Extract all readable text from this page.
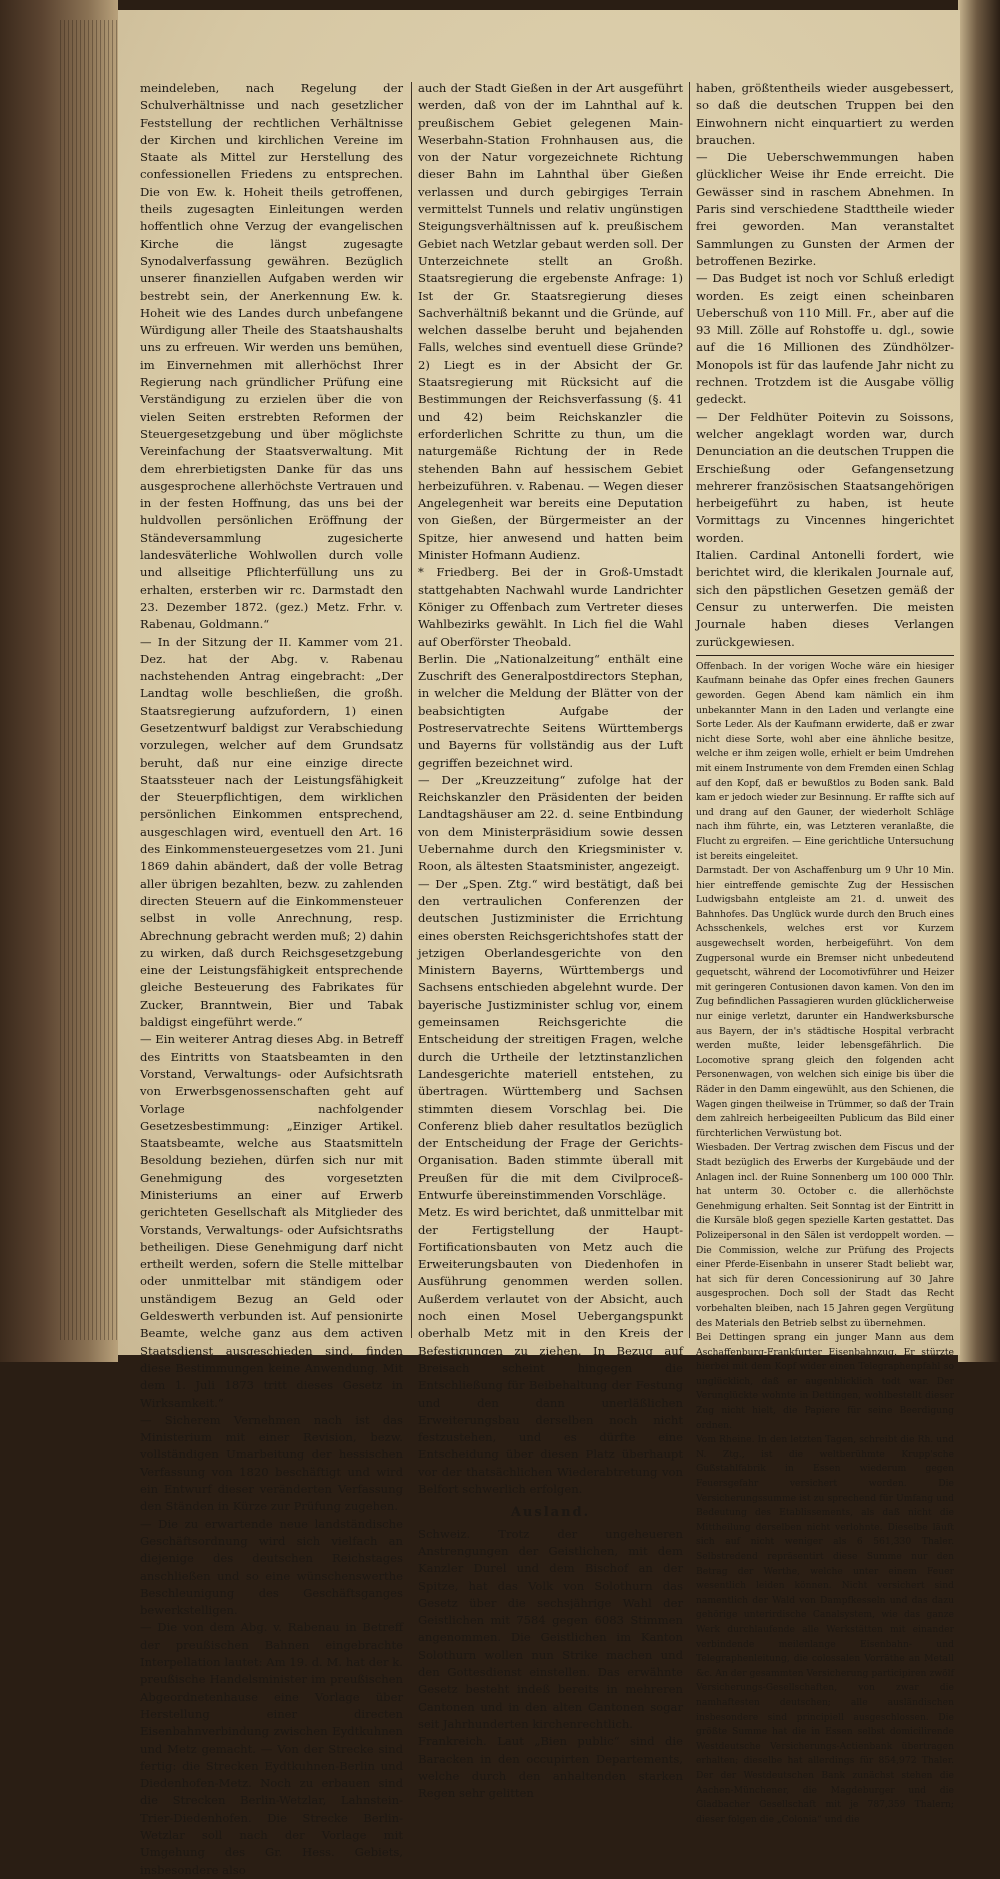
meindeleben, nach Regelung der Schulverhältnisse und nach gesetzlicher Feststellung der rechtlichen Verhältnisse der Kirchen und kirchlichen Vereine im Staate als Mittel zur Herstellung des confessionellen Friedens zu entsprechen. Die von Ew. k. Hoheit theils getroffenen, theils zugesagten Einleitungen werden hoffentlich ohne Verzug der evangelischen Kirche die längst zugesagte Synodalverfassung gewähren. Bezüglich unserer finanziellen Aufgaben werden wir bestrebt sein, der Anerkennung Ew. k. Hoheit wie des Landes durch unbefangene Würdigung aller Theile des Staatshaushalts uns zu erfreuen. Wir werden uns bemühen, im Einvernehmen mit allerhöchst Ihrer Regierung nach gründlicher Prüfung eine Verständigung zu erzielen über die von vielen Seiten erstrebten Reformen der Steuergesetzgebung und über möglichste Vereinfachung der Staatsverwaltung. Mit dem ehrerbietigsten Danke für das uns ausgesprochene allerhöchste Vertrauen und in der festen Hoffnung, das uns bei der huldvollen persönlichen Eröffnung der Ständeversammlung zugesicherte landesväterliche Wohlwollen durch volle und allseitige Pflichterfüllung uns zu erhalten, ersterben wir rc. Darmstadt den 23. Dezember 1872. (gez.) Metz. Frhr. v. Rabenau, Goldmann.“

— In der Sitzung der II. Kammer vom 21. Dez. hat der Abg. v. Rabenau nachstehenden Antrag eingebracht: „Der Landtag wolle beschließen, die großh. Staatsregierung aufzufordern, 1) einen Gesetzentwurf baldigst zur Verabschiedung vorzulegen, welcher auf dem Grundsatz beruht, daß nur eine einzige directe Staatssteuer nach der Leistungsfähigkeit der Steuerpflichtigen, dem wirklichen persönlichen Einkommen entsprechend, ausgeschlagen wird, eventuell den Art. 16 des Einkommensteuergesetzes vom 21. Juni 1869 dahin abändert, daß der volle Betrag aller übrigen bezahlten, bezw. zu zahlenden directen Steuern auf die Einkommensteuer selbst in volle Anrechnung, resp. Abrechnung gebracht werden muß; 2) dahin zu wirken, daß durch Reichsgesetzgebung eine der Leistungsfähigkeit entsprechende gleiche Besteuerung des Fabrikates für Zucker, Branntwein, Bier und Tabak baldigst eingeführt werde.“

— Ein weiterer Antrag dieses Abg. in Betreff des Eintritts von Staatsbeamten in den Vorstand, Verwaltungs- oder Aufsichtsrath von Erwerbsgenossenschaften geht auf Vorlage nachfolgender Gesetzesbestimmung: „Einziger Artikel. Staatsbeamte, welche aus Staatsmitteln Besoldung beziehen, dürfen sich nur mit Genehmigung des vorgesetzten Ministeriums an einer auf Erwerb gerichteten Gesellschaft als Mitglieder des Vorstands, Verwaltungs- oder Aufsichtsraths betheiligen. Diese Genehmigung darf nicht ertheilt werden, sofern die Stelle mittelbar oder unmittelbar mit ständigem oder unständigem Bezug an Geld oder Geldeswerth verbunden ist. Auf pensionirte Beamte, welche ganz aus dem activen Staatsdienst ausgeschieden sind, finden diese Bestimmungen keine Anwendung. Mit dem 1. Juli 1873 tritt dieses Gesetz in Wirksamkeit.“

— Sicherem Vernehmen nach ist das Ministerium mit einer Revision, bezw. vollständigen Umarbeitung der hessischen Verfassung von 1820 beschäftigt und wird ein Entwurf dieser veränderten Verfassung den Ständen in Kürze zur Prüfung zugehen.

— Die zu erwartende neue landständische Geschäftsordnung wird sich vielfach an diejenige des deutschen Reichstages anschließen und so eine wünschenswerthe Beschleunigung des Geschäftsganges bewerkstelligen.

— Die von dem Abg. v. Rabenau in Betreff der preußischen Bahnen eingebrachte Interpellation lautet: Am 19. d. M. hat der k. preußische Handelsminister im preußischen Abgeordnetenhause eine Vorlage über Herstellung einer directen Eisenbahnverbindung zwischen Eydtkuhnen und Metz gemacht. — Von der Strecke sind fertig: die Strecken Eydtkuhnen-Berlin und Diedenhofen-Metz. Noch zu erbauen sind die Strecken Berlin-Wetzlar, Lahnstein-Trier-Diedenhofen. Die Strecke Berlin-Wetzlar soll nach der Vorlage mit Umgehung des Gr. Hess. Gebiets, insbesondere also

auch der Stadt Gießen in der Art ausgeführt werden, daß von der im Lahnthal auf k. preußischem Gebiet gelegenen Main-Weserbahn-Station Frohnhausen aus, die von der Natur vorgezeichnete Richtung dieser Bahn im Lahnthal über Gießen verlassen und durch gebirgiges Terrain vermittelst Tunnels und relativ ungünstigen Steigungsverhältnissen auf k. preußischem Gebiet nach Wetzlar gebaut werden soll. Der Unterzeichnete stellt an Großh. Staatsregierung die ergebenste Anfrage: 1) Ist der Gr. Staatsregierung dieses Sachverhältniß bekannt und die Gründe, auf welchen dasselbe beruht und bejahenden Falls, welches sind eventuell diese Gründe? 2) Liegt es in der Absicht der Gr. Staatsregierung mit Rücksicht auf die Bestimmungen der Reichsverfassung (§. 41 und 42) beim Reichskanzler die erforderlichen Schritte zu thun, um die naturgemäße Richtung der in Rede stehenden Bahn auf hessischem Gebiet herbeizuführen. v. Rabenau. — Wegen dieser Angelegenheit war bereits eine Deputation von Gießen, der Bürgermeister an der Spitze, hier anwesend und hatten beim Minister Hofmann Audienz.

* Friedberg. Bei der in Groß-Umstadt stattgehabten Nachwahl wurde Landrichter Königer zu Offenbach zum Vertreter dieses Wahlbezirks gewählt. In Lich fiel die Wahl auf Oberförster Theobald.

Berlin. Die „Nationalzeitung“ enthält eine Zuschrift des Generalpostdirectors Stephan, in welcher die Meldung der Blätter von der beabsichtigten Aufgabe der Postreservatrechte Seitens Württembergs und Bayerns für vollständig aus der Luft gegriffen bezeichnet wird.

— Der „Kreuzzeitung“ zufolge hat der Reichskanzler den Präsidenten der beiden Landtagshäuser am 22. d. seine Entbindung von dem Ministerpräsidium sowie dessen Uebernahme durch den Kriegsminister v. Roon, als ältesten Staatsminister, angezeigt.

— Der „Spen. Ztg.“ wird bestätigt, daß bei den vertraulichen Conferenzen der deutschen Justizminister die Errichtung eines obersten Reichsgerichtshofes statt der jetzigen Oberlandesgerichte von den Ministern Bayerns, Württembergs und Sachsens entschieden abgelehnt wurde. Der bayerische Justizminister schlug vor, einem gemeinsamen Reichsgerichte die Entscheidung der streitigen Fragen, welche durch die Urtheile der letztinstanzlichen Landesgerichte materiell entstehen, zu übertragen. Württemberg und Sachsen stimmten diesem Vorschlag bei. Die Conferenz blieb daher resultatlos bezüglich der Entscheidung der Frage der Gerichts-Organisation. Baden stimmte überall mit Preußen für die mit dem Civilproceß-Entwurfe übereinstimmenden Vorschläge.

Metz. Es wird berichtet, daß unmittelbar mit der Fertigstellung der Haupt-Fortificationsbauten von Metz auch die Erweiterungsbauten von Diedenhofen in Ausführung genommen werden sollen. Außerdem verlautet von der Absicht, auch noch einen Mosel Uebergangspunkt oberhalb Metz mit in den Kreis der Befestigungen zu ziehen. In Bezug auf Breisach scheint hingegen die Entschließung für Beibehaltung der Festung und den dann unerläßlichen Erweiterungsbau derselben noch nicht festzustehen, und es dürfte eine Entscheidung über diesen Platz überhaupt vor der thatsächlichen Wiederabtretung von Belfort schwerlich erfolgen.

Ausland.

Schweiz. Trotz der ungeheueren Anstrengungen der Geistlichen, mit dem Kanzler Durel und dem Bischof an der Spitze, hat das Volk von Solothurn das Gesetz über die sechsjährige Wahl der Geistlichen mit 7584 gegen 6083 Stimmen angenommen. Die Geistlichen im Kanton Solothurn wollen nun Strike machen und den Gottesdienst einstellen. Das erwähnte Gesetz besteht indeß bereits in mehreren Cantonen und in den alten Cantonen sogar seit Jahrhunderten kirchenrechtlich.

Frankreich. Laut „Bien public“ sind die Baracken in den occupirten Departements, welche durch den anhaltenden starken Regen sehr gelitten

haben, größtentheils wieder ausgebessert, so daß die deutschen Truppen bei den Einwohnern nicht einquartiert zu werden brauchen.

— Die Ueberschwemmungen haben glücklicher Weise ihr Ende erreicht. Die Gewässer sind in raschem Abnehmen. In Paris sind verschiedene Stadttheile wieder frei geworden. Man veranstaltet Sammlungen zu Gunsten der Armen der betroffenen Bezirke.

— Das Budget ist noch vor Schluß erledigt worden. Es zeigt einen scheinbaren Ueberschuß von 110 Mill. Fr., aber auf die 93 Mill. Zölle auf Rohstoffe u. dgl., sowie auf die 16 Millionen des Zündhölzer-Monopols ist für das laufende Jahr nicht zu rechnen. Trotzdem ist die Ausgabe völlig gedeckt.

— Der Feldhüter Poitevin zu Soissons, welcher angeklagt worden war, durch Denunciation an die deutschen Truppen die Erschießung oder Gefangensetzung mehrerer französischen Staatsangehörigen herbeigeführt zu haben, ist heute Vormittags zu Vincennes hingerichtet worden.

Italien. Cardinal Antonelli fordert, wie berichtet wird, die klerikalen Journale auf, sich den päpstlichen Gesetzen gemäß der Censur zu unterwerfen. Die meisten Journale haben dieses Verlangen zurückgewiesen.

Offenbach. In der vorigen Woche wäre ein hiesiger Kaufmann beinahe das Opfer eines frechen Gauners geworden. Gegen Abend kam nämlich ein ihm unbekannter Mann in den Laden und verlangte eine Sorte Leder. Als der Kaufmann erwiderte, daß er zwar nicht diese Sorte, wohl aber eine ähnliche besitze, welche er ihm zeigen wolle, erhielt er beim Umdrehen mit einem Instrumente von dem Fremden einen Schlag auf den Kopf, daß er bewußtlos zu Boden sank. Bald kam er jedoch wieder zur Besinnung. Er raffte sich auf und drang auf den Gauner, der wiederholt Schläge nach ihm führte, ein, was Letzteren veranlaßte, die Flucht zu ergreifen. — Eine gerichtliche Untersuchung ist bereits eingeleitet.

Darmstadt. Der von Aschaffenburg um 9 Uhr 10 Min. hier eintreffende gemischte Zug der Hessischen Ludwigsbahn entgleiste am 21. d. unweit des Bahnhofes. Das Unglück wurde durch den Bruch eines Achsschenkels, welches erst vor Kurzem ausgewechselt worden, herbeigeführt. Von dem Zugpersonal wurde ein Bremser nicht unbedeutend gequetscht, während der Locomotivführer und Heizer mit geringeren Contusionen davon kamen. Von den im Zug befindlichen Passagieren wurden glücklicherweise nur einige verletzt, darunter ein Handwerksbursche aus Bayern, der in's städtische Hospital verbracht werden mußte, leider lebensgefährlich. Die Locomotive sprang gleich den folgenden acht Personenwagen, von welchen sich einige bis über die Räder in den Damm eingewühlt, aus den Schienen, die Wagen gingen theilweise in Trümmer, so daß der Train dem zahlreich herbeigeeilten Publicum das Bild einer fürchterlichen Verwüstung bot.

Wiesbaden. Der Vertrag zwischen dem Fiscus und der Stadt bezüglich des Erwerbs der Kurgebäude und der Anlagen incl. der Ruine Sonnenberg um 100 000 Thlr. hat unterm 30. October c. die allerhöchste Genehmigung erhalten. Seit Sonntag ist der Eintritt in die Kursäle bloß gegen spezielle Karten gestattet. Das Polizeipersonal in den Sälen ist verdoppelt worden. — Die Commission, welche zur Prüfung des Projects einer Pferde-Eisenbahn in unserer Stadt beliebt war, hat sich für deren Concessionirung auf 30 Jahre ausgesprochen. Doch soll der Stadt das Recht vorbehalten bleiben, nach 15 Jahren gegen Vergütung des Materials den Betrieb selbst zu übernehmen.

Bei Dettingen sprang ein junger Mann aus dem Aschaffenburg-Frankfurter Eisenbahnzug. Er stürzte hierbei mit dem Kopf wider einen Telegraphenpfahl so unglücklich, daß er augenblicklich todt war. Der Verunglückte wohnte in Dettingen, wohlbestellt dieser Zug nicht hielt, die Papiere für seine Beerdigung ordnen.

Vom Rheine. In den letzten Tagen, schreibt die Rh. und N. Ztg., ist die weltberühmte Krupp'sche Gußstahlfabrik in Essen wiederum gegen Feuersgefahr versichert worden. Die Versicherungssumme ist zu sprechend für Umfang und Bedeutung des Etablissements, als daß nicht die Mittheilung derselben nicht verlohnte. Dieselbe läuft sich auf nicht weniger als 6 561,330 Thaler. Selbstredend repräsentirt diese Summe nur den Betrag der Werthe, welche unter einem Feuer wesentlich leiden können. Nicht versichert sind namentlich der Wald von Dampfkesseln und das dazu gehörige unterirdische Canalsystem, wie das ganze Werk durchlaufende alle Werkstätten mit einander verbindende meilenlange Eisenbahn- und Telegraphenleitung, die colossalen Vorräthe an Metall &c. An der gesammten Versicherung participiren zwölf Versicherungs-Gesellschaften, von zwar die namhaftesten deutschen; alle ausländischen insbesondere sind principiell ausgeschlossen. Die größte Summe hat die in Essen selbst domicilirende Westdeutsche Versicherungs-Actienbank übertragen erhalten; dieselbe hat allerdings für 854,972 Thaler. Der der Westdeutschen Bank zunächst stehen die Aachen-Münchener, die Magdeburger und die Gladbacher Gesellschaft mit je 787,359 Thalern; dieser folgen die „Colonia“ und die
